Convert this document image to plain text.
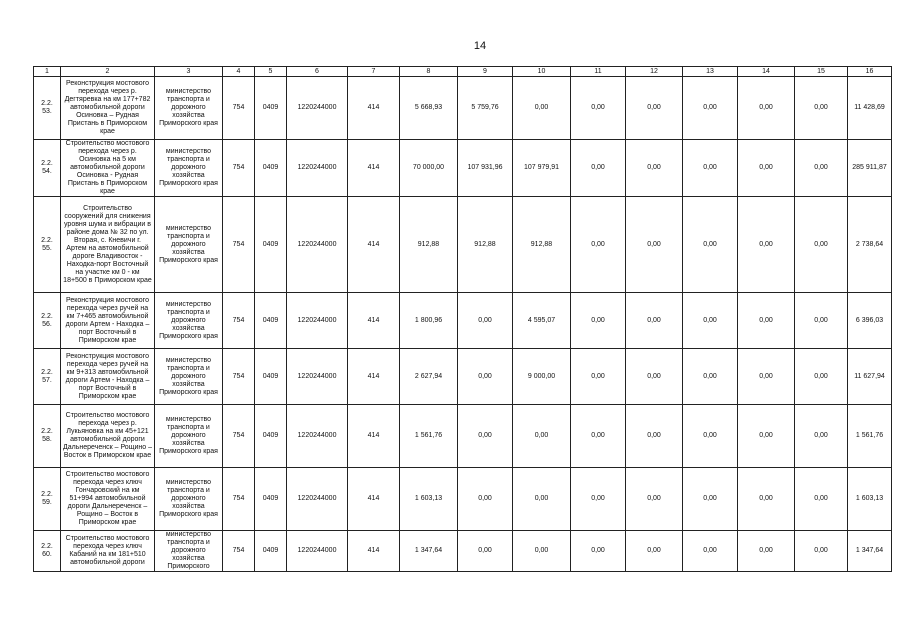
14
1	2	3	4	5	6	7	8	9	10	11	12	13	14	15	16
2.2.
53.	Реконструкция мостового перехода через р. Дегтяревка на км 177+782 автомобильной дороги Осиновка – Рудная Пристань в Приморском крае	министерство транспорта и дорожного хозяйства Приморского края	754	0409	1220244000	414	5 668,93	5 759,76	0,00	0,00	0,00	0,00	0,00	0,00	11 428,69
2.2.
54.	Строительство мостового перехода через р. Осиновка на 5 км автомобильной дороги Осиновка - Рудная Пристань в Приморском крае	министерство транспорта и дорожного хозяйства Приморского края	754	0409	1220244000	414	70 000,00	107 931,96	107 979,91	0,00	0,00	0,00	0,00	0,00	285 911,87
2.2.
55.	Строительство сооружений для снижения уровня шума и вибрации в районе дома № 32 по ул. Вторая, с. Кневичи г. Артем на автомобильной дороге Владивосток - Находка-порт Восточный на участке км 0 - км 18+500 в Приморском крае	министерство транспорта и дорожного хозяйства Приморского края	754	0409	1220244000	414	912,88	912,88	912,88	0,00	0,00	0,00	0,00	0,00	2 738,64
2.2.
56.	Реконструкция мостового перехода через ручей на км 7+465 автомобильной дороги Артем - Находка – порт Восточный в Приморском крае	министерство транспорта и дорожного хозяйства Приморского края	754	0409	1220244000	414	1 800,96	0,00	4 595,07	0,00	0,00	0,00	0,00	0,00	6 396,03
2.2.
57.	Реконструкция мостового перехода через ручей на км 9+313 автомобильной дороги Артем - Находка – порт Восточный в Приморском крае	министерство транспорта и дорожного хозяйства Приморского края	754	0409	1220244000	414	2 627,94	0,00	9 000,00	0,00	0,00	0,00	0,00	0,00	11 627,94
2.2.
58.	Строительство мостового перехода через р. Лукьяновка на км 45+121 автомобильной дороги Дальнереченск – Рощино – Восток в Приморском крае	министерство транспорта и дорожного хозяйства Приморского края	754	0409	1220244000	414	1 561,76	0,00	0,00	0,00	0,00	0,00	0,00	0,00	1 561,76
2.2.
59.	Строительство мостового перехода через ключ Гончаровский на км 51+994 автомобильной дороги Дальнереченск – Рощино – Восток в Приморском крае	министерство транспорта и дорожного хозяйства Приморского края	754	0409	1220244000	414	1 603,13	0,00	0,00	0,00	0,00	0,00	0,00	0,00	1 603,13
2.2.
60.	Строительство мостового перехода через ключ Кабаний на км 181+510 автомобильной дороги	министерство транспорта и дорожного хозяйства Приморского	754	0409	1220244000	414	1 347,64	0,00	0,00	0,00	0,00	0,00	0,00	0,00	1 347,64
